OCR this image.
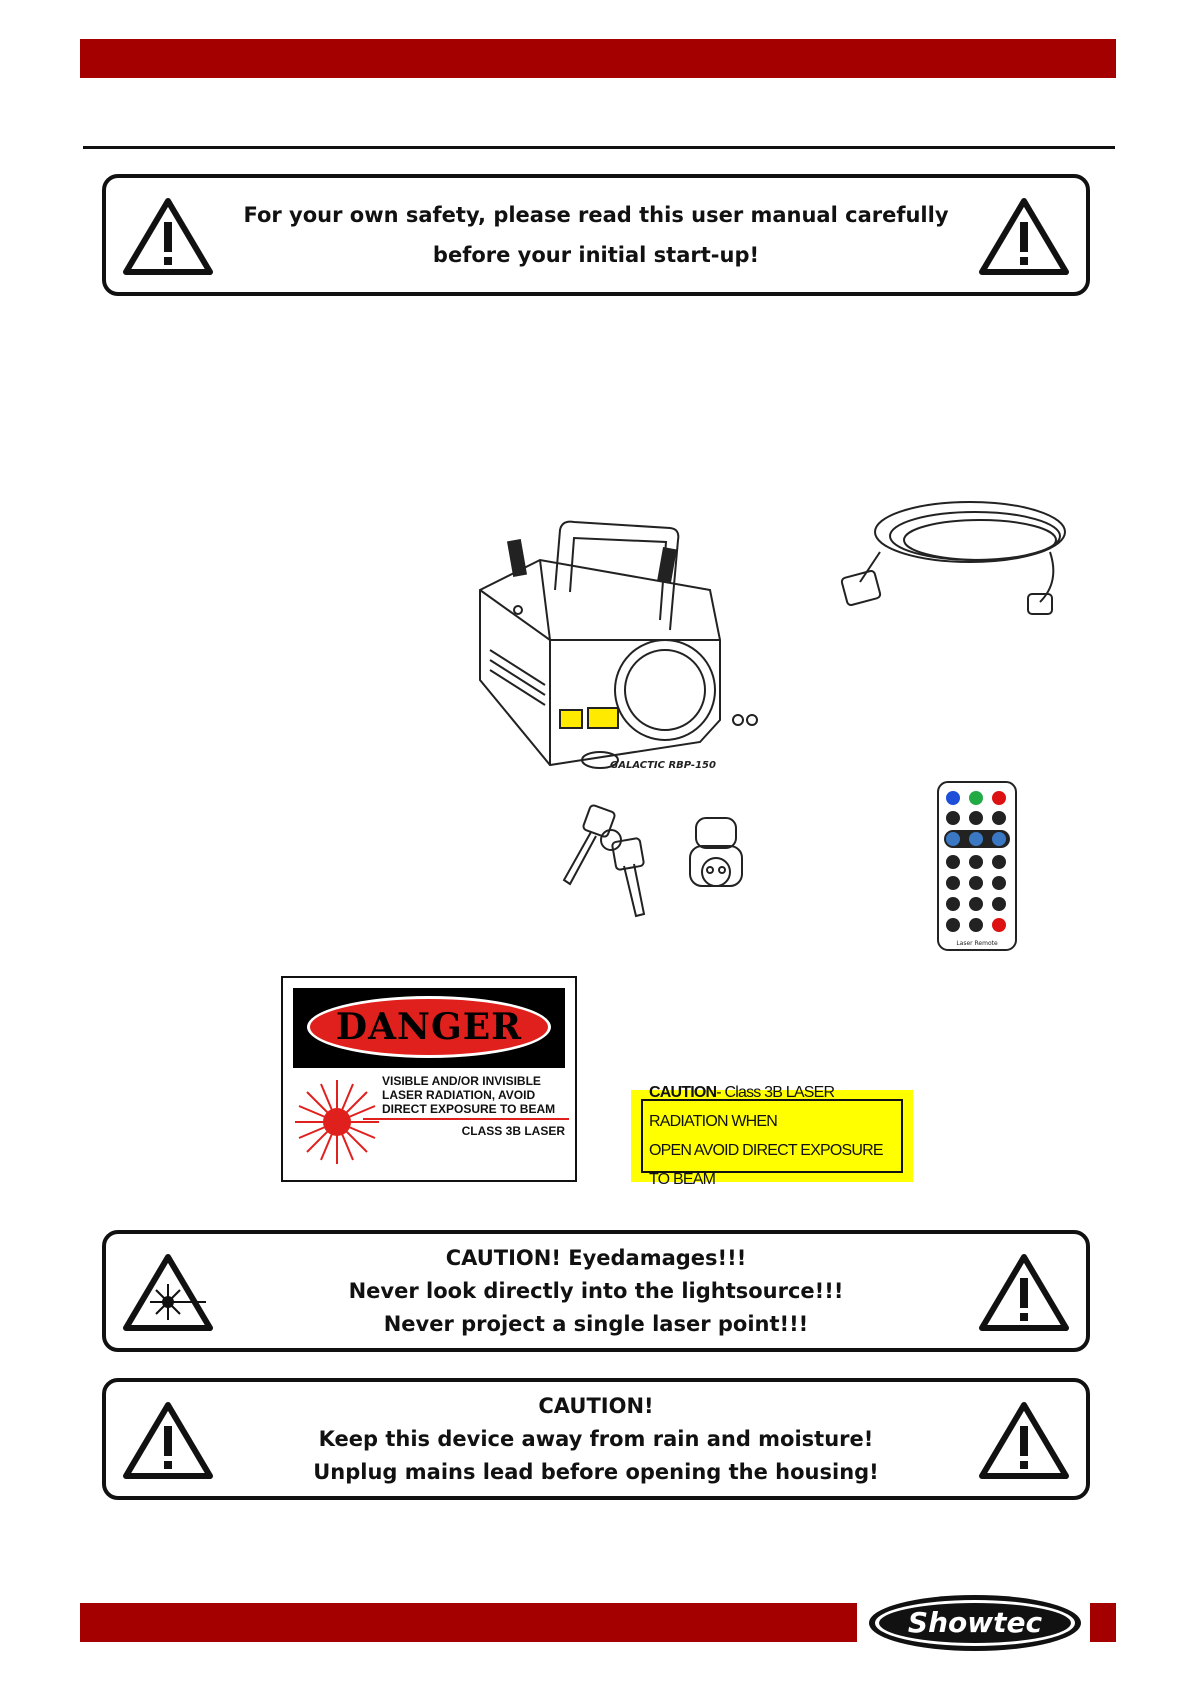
For your own safety, please read this user manual carefully
before your initial start-up!
GALACTIC RBP-150
Laser Remote
DANGER
VISIBLE AND/OR INVISIBLE
LASER RADIATION, AVOID
DIRECT EXPOSURE TO BEAM
CLASS 3B LASER
CAUTION- Class 3B LASER RADIATION WHEN
OPEN AVOID DIRECT EXPOSURE TO BEAM
CAUTION! Eyedamages!!!
Never look directly into the lightsource!!!
Never project a single laser point!!!
CAUTION!
Keep this device away from rain and moisture!
Unplug mains lead before opening the housing!
Showtec
